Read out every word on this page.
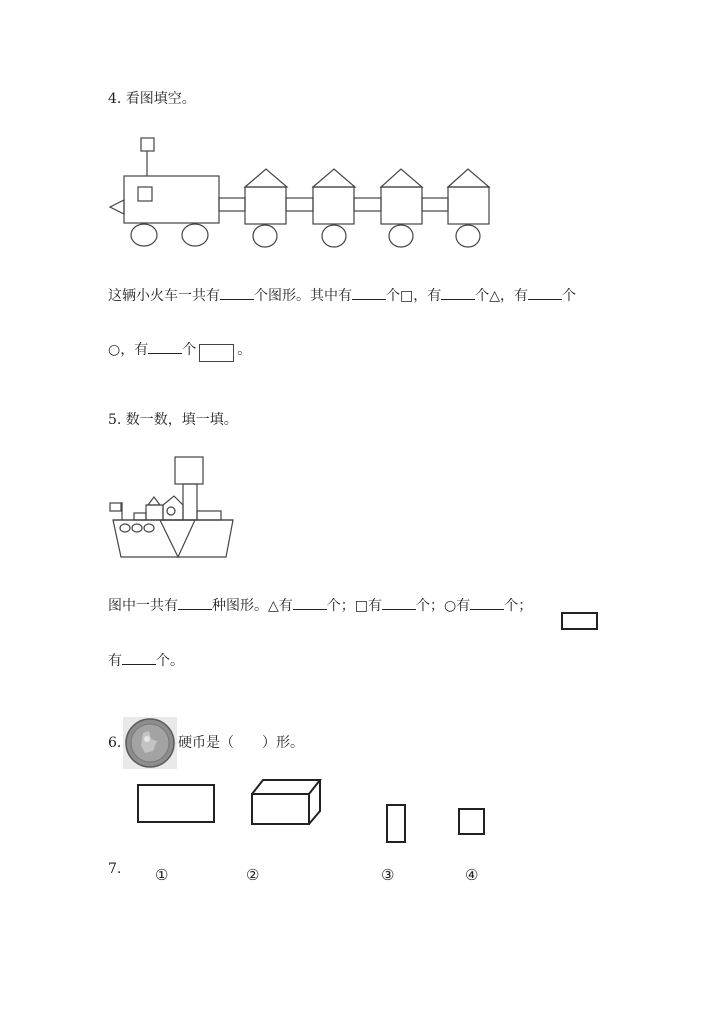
4. 看图填空。
这辆小火车一共有 个图形。其中有 个□，有 个△，有 个
○，有 个	。
5. 数一数，填一填。
图中一共有 种图形。△有 个；□有 个；○有 个；
有 个。
6.	硬币是（　　）形。
7. ①	②	③	④
